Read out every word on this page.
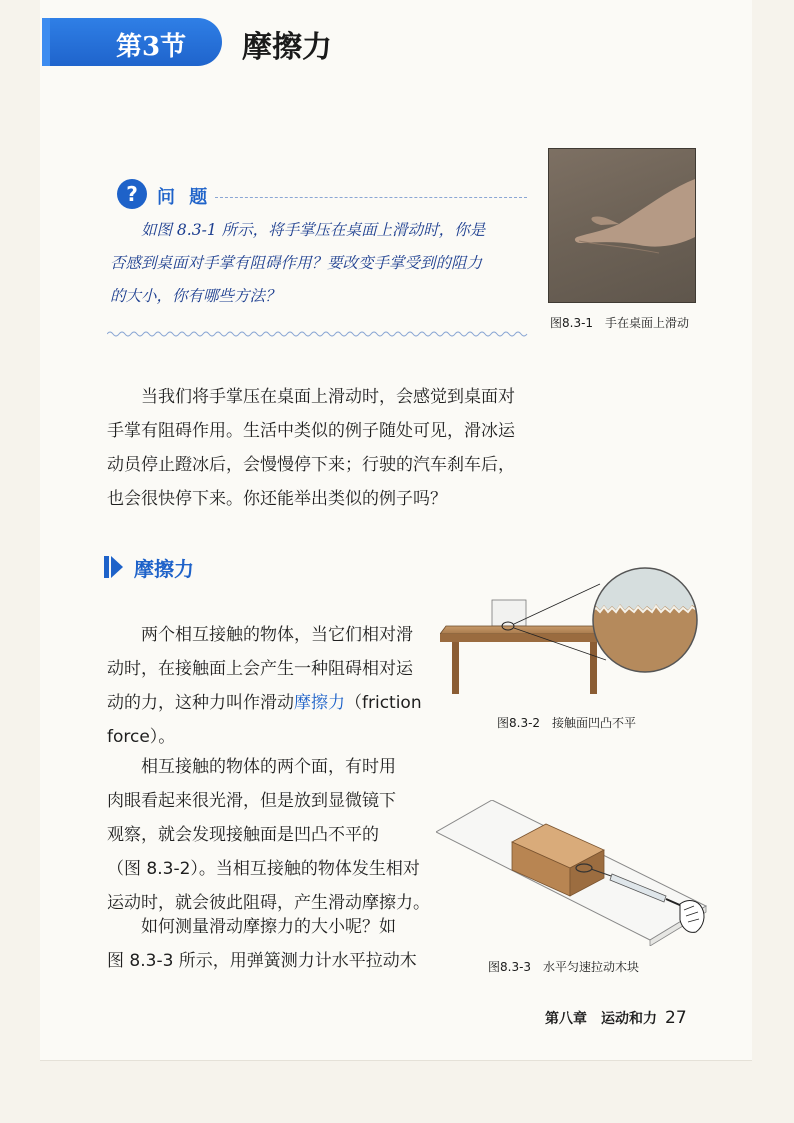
第3节 摩擦力
?	问 题

如图 8.3-1 所示，将手掌压在桌面上滑动时，你是

否感到桌面对手掌有阻碍作用？要改变手掌受到的阻力

的大小，你有哪些方法？

图8.3-1　手在桌面上滑动

当我们将手掌压在桌面上滑动时，会感觉到桌面对

手掌有阻碍作用。生活中类似的例子随处可见，滑冰运

动员停止蹬冰后，会慢慢停下来；行驶的汽车刹车后，

也会很快停下来。你还能举出类似的例子吗？

摩擦力

两个相互接触的物体，当它们相对滑

动时，在接触面上会产生一种阻碍相对运

动的力，这种力叫作滑动摩擦力（friction

force）。

相互接触的物体的两个面，有时用

肉眼看起来很光滑，但是放到显微镜下

观察，就会发现接触面是凹凸不平的

（图 8.3-2）。当相互接触的物体发生相对

运动时，就会彼此阻碍，产生滑动摩擦力。

如何测量滑动摩擦力的大小呢？如

图 8.3-3 所示，用弹簧测力计水平拉动木

图8.3-2　接触面凹凸不平
图8.3-3　水平匀速拉动木块
第八章　运动和力 27
